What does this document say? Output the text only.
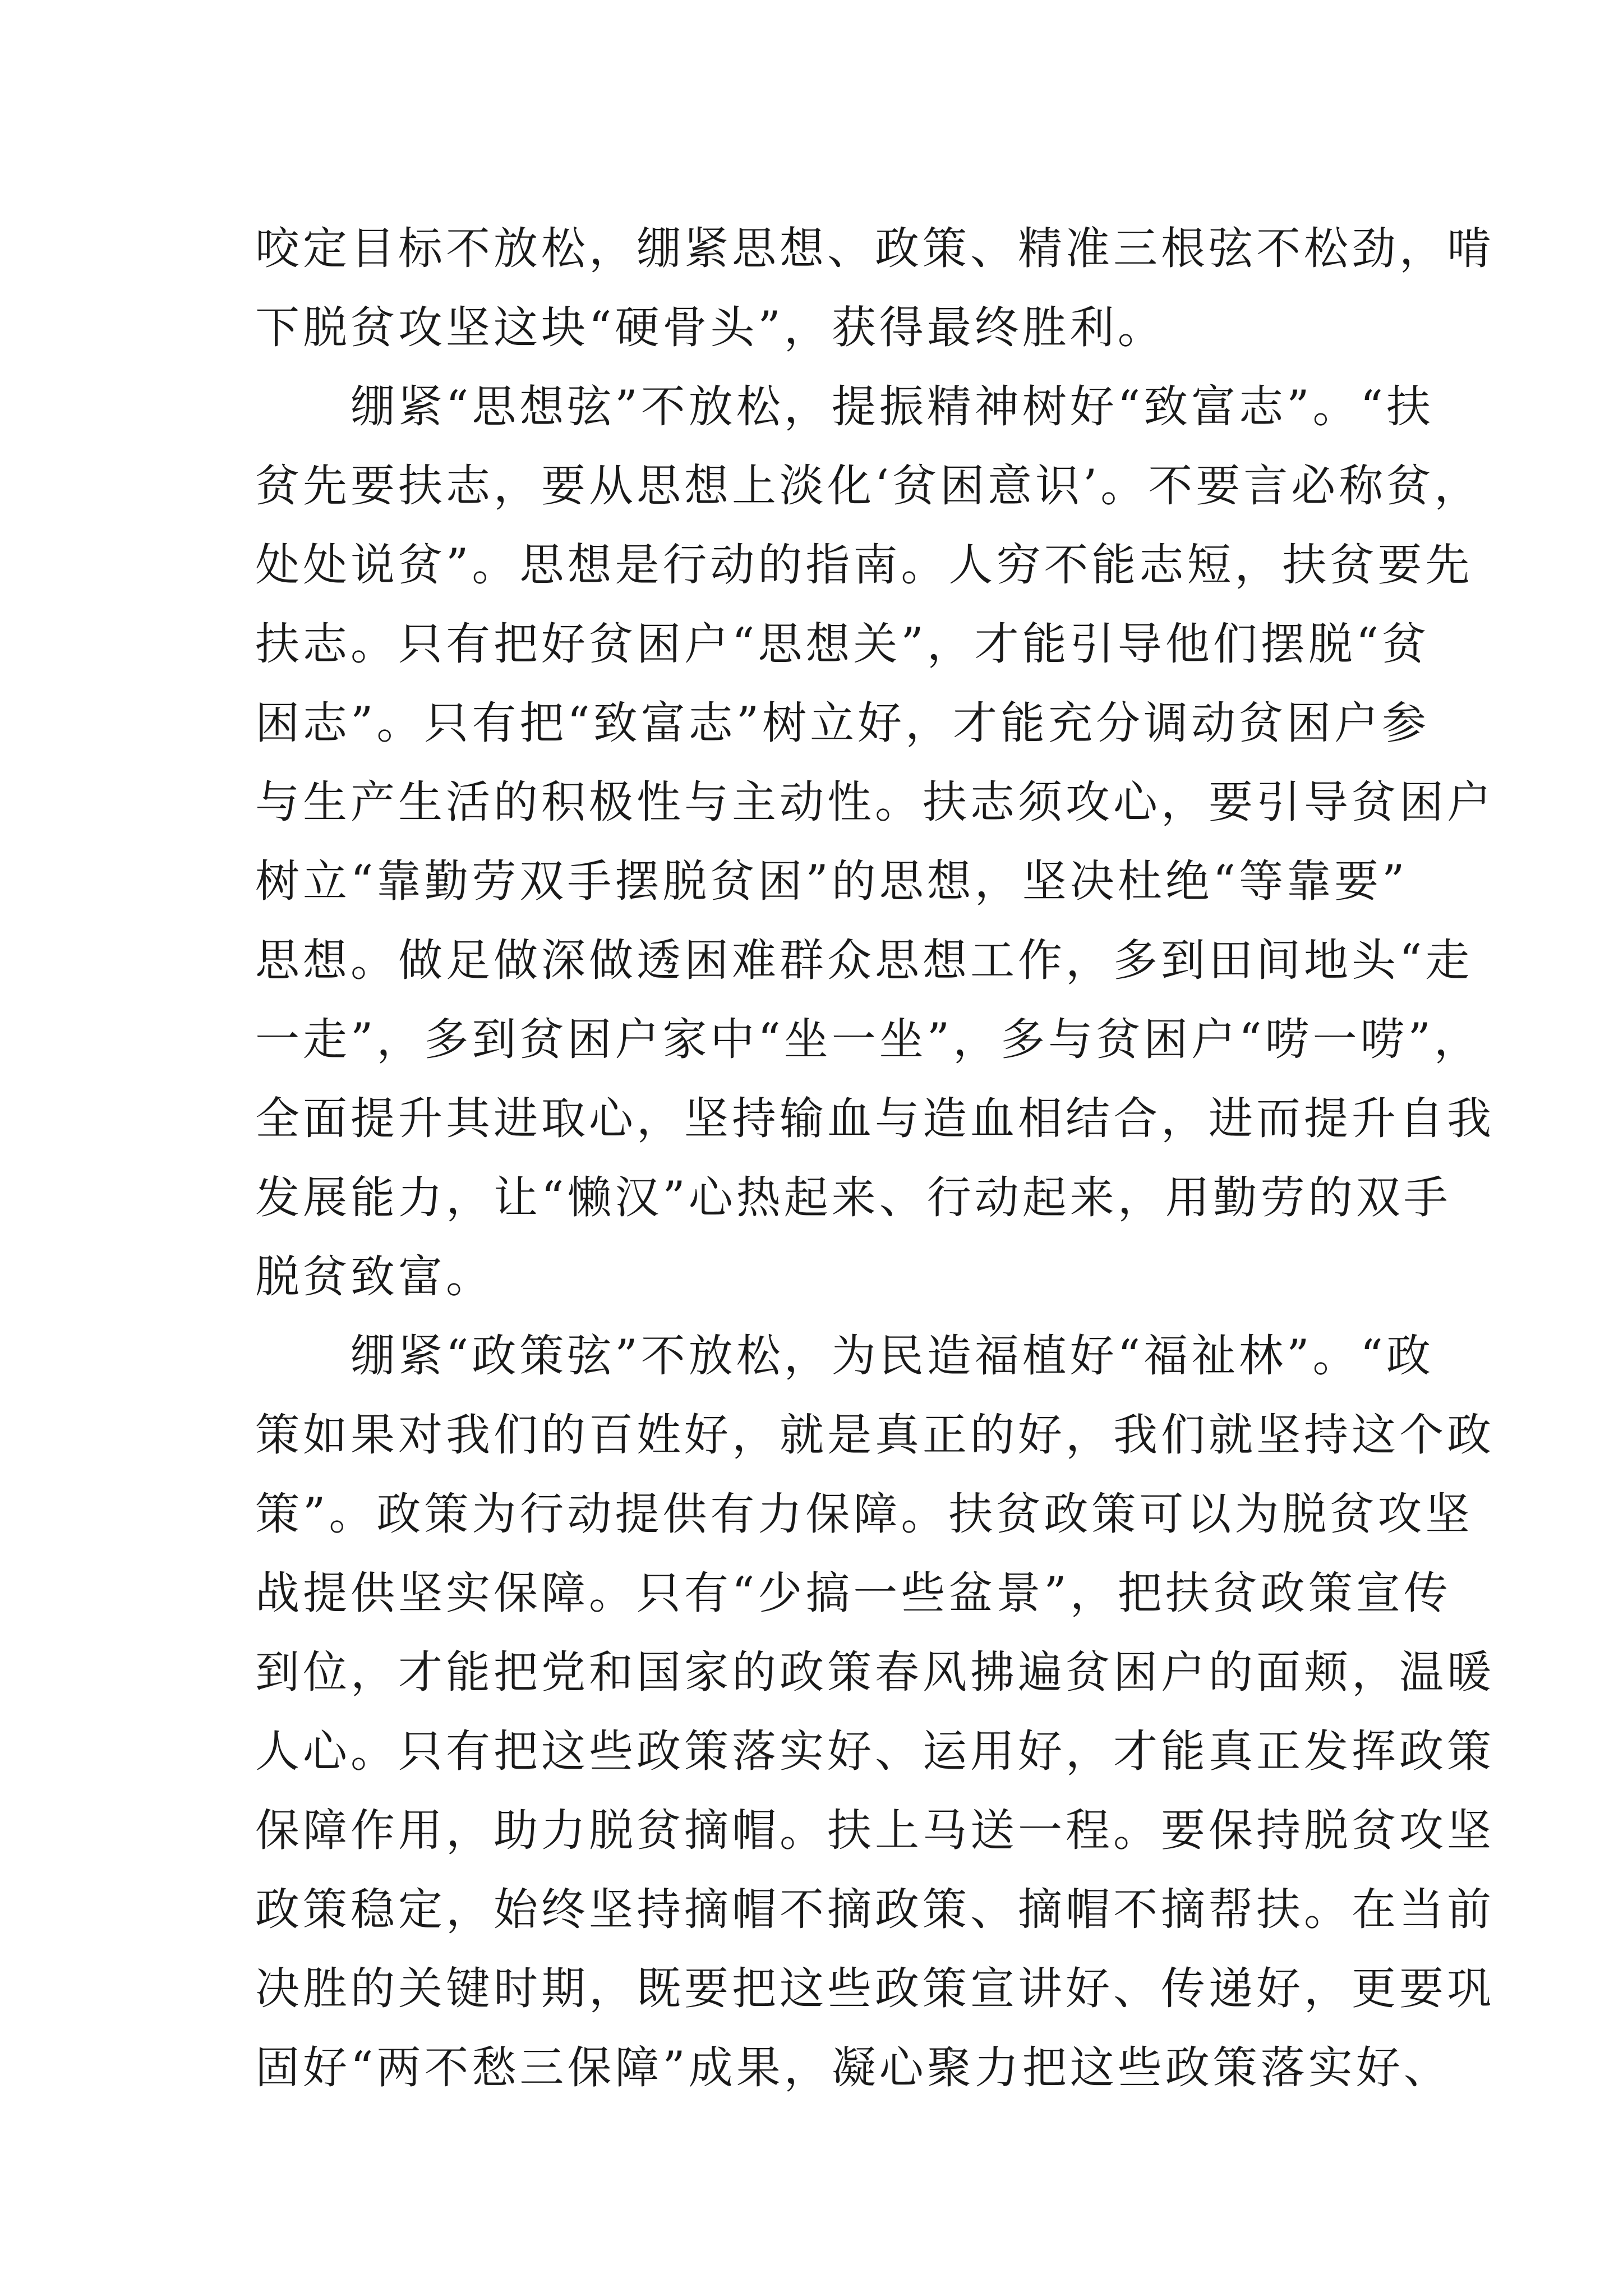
咬定目标不放松，绷紧思想、政策、精准三根弦不松劲，啃
下脱贫攻坚这块“硬骨头”，获得最终胜利。
　　绷紧“思想弦”不放松，提振精神树好“致富志”。“扶
贫先要扶志，要从思想上淡化‘贫困意识’。不要言必称贫，
处处说贫”。思想是行动的指南。人穷不能志短，扶贫要先
扶志。只有把好贫困户“思想关”，才能引导他们摆脱“贫
困志”。只有把“致富志”树立好，才能充分调动贫困户参
与生产生活的积极性与主动性。扶志须攻心，要引导贫困户
树立“靠勤劳双手摆脱贫困”的思想，坚决杜绝“等靠要”
思想。做足做深做透困难群众思想工作，多到田间地头“走
一走”，多到贫困户家中“坐一坐”，多与贫困户“唠一唠”，
全面提升其进取心，坚持输血与造血相结合，进而提升自我
发展能力，让“懒汉”心热起来、行动起来，用勤劳的双手
脱贫致富。
　　绷紧“政策弦”不放松，为民造福植好“福祉林”。“政
策如果对我们的百姓好，就是真正的好，我们就坚持这个政
策”。政策为行动提供有力保障。扶贫政策可以为脱贫攻坚
战提供坚实保障。只有“少搞一些盆景”，把扶贫政策宣传
到位，才能把党和国家的政策春风拂遍贫困户的面颊，温暖
人心。只有把这些政策落实好、运用好，才能真正发挥政策
保障作用，助力脱贫摘帽。扶上马送一程。要保持脱贫攻坚
政策稳定，始终坚持摘帽不摘政策、摘帽不摘帮扶。在当前
决胜的关键时期，既要把这些政策宣讲好、传递好，更要巩
固好“两不愁三保障”成果，凝心聚力把这些政策落实好、
